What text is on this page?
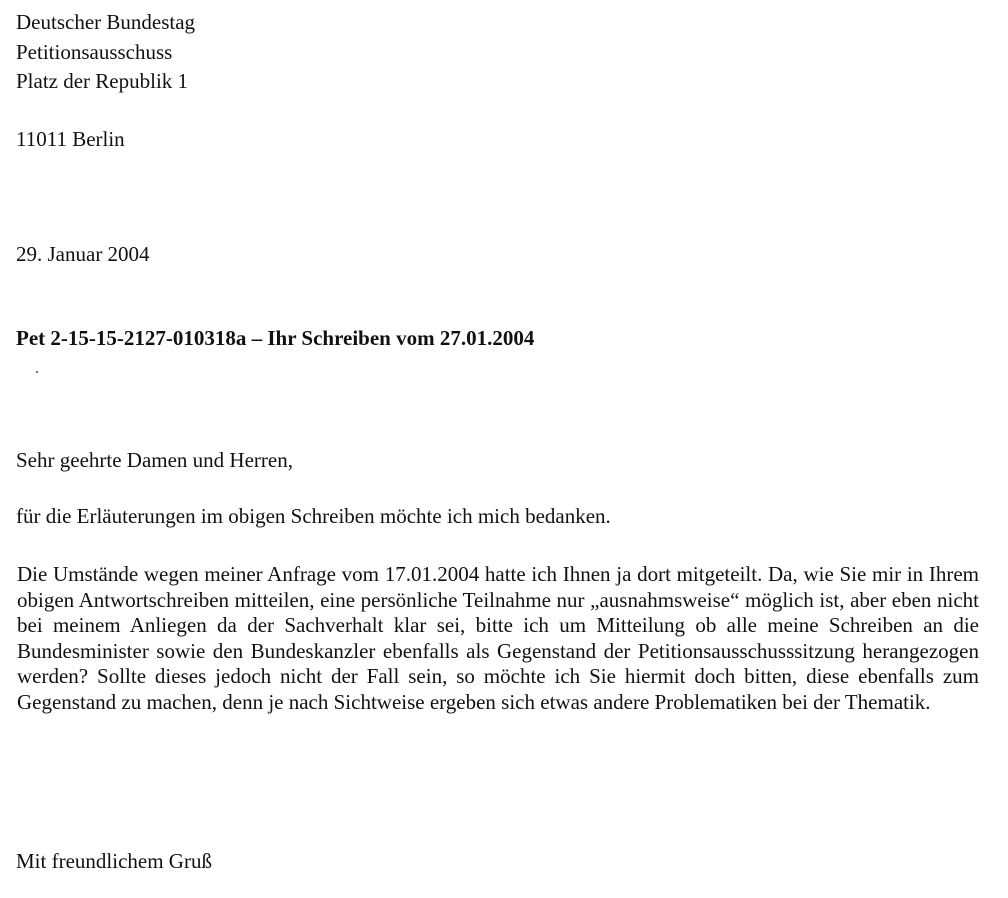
Deutscher Bundestag
Petitionsausschuss
Platz der Republik 1
11011 Berlin
29. Januar 2004
Pet 2-15-15-2127-010318a – Ihr Schreiben vom 27.01.2004
Sehr geehrte Damen und Herren,
für die Erläuterungen im obigen Schreiben möchte ich mich bedanken.
Die Umstände wegen meiner Anfrage vom 17.01.2004 hatte ich Ihnen ja dort mitgeteilt. Da, wie Sie mir in Ihrem obigen Antwortschreiben mitteilen, eine persönliche Teilnahme nur „ausnahmsweise“ möglich ist, aber eben nicht bei meinem Anliegen da der Sachverhalt klar sei, bitte ich um Mitteilung ob alle meine Schreiben an die Bundesminister sowie den Bundeskanzler ebenfalls als Gegenstand der Petitionsausschusssitzung herangezogen werden? Sollte dieses jedoch nicht der Fall sein, so möchte ich Sie hiermit doch bitten, diese ebenfalls zum Gegenstand zu machen, denn je nach Sichtweise ergeben sich etwas andere Problematiken bei der Thematik.
Mit freundlichem Gruß
